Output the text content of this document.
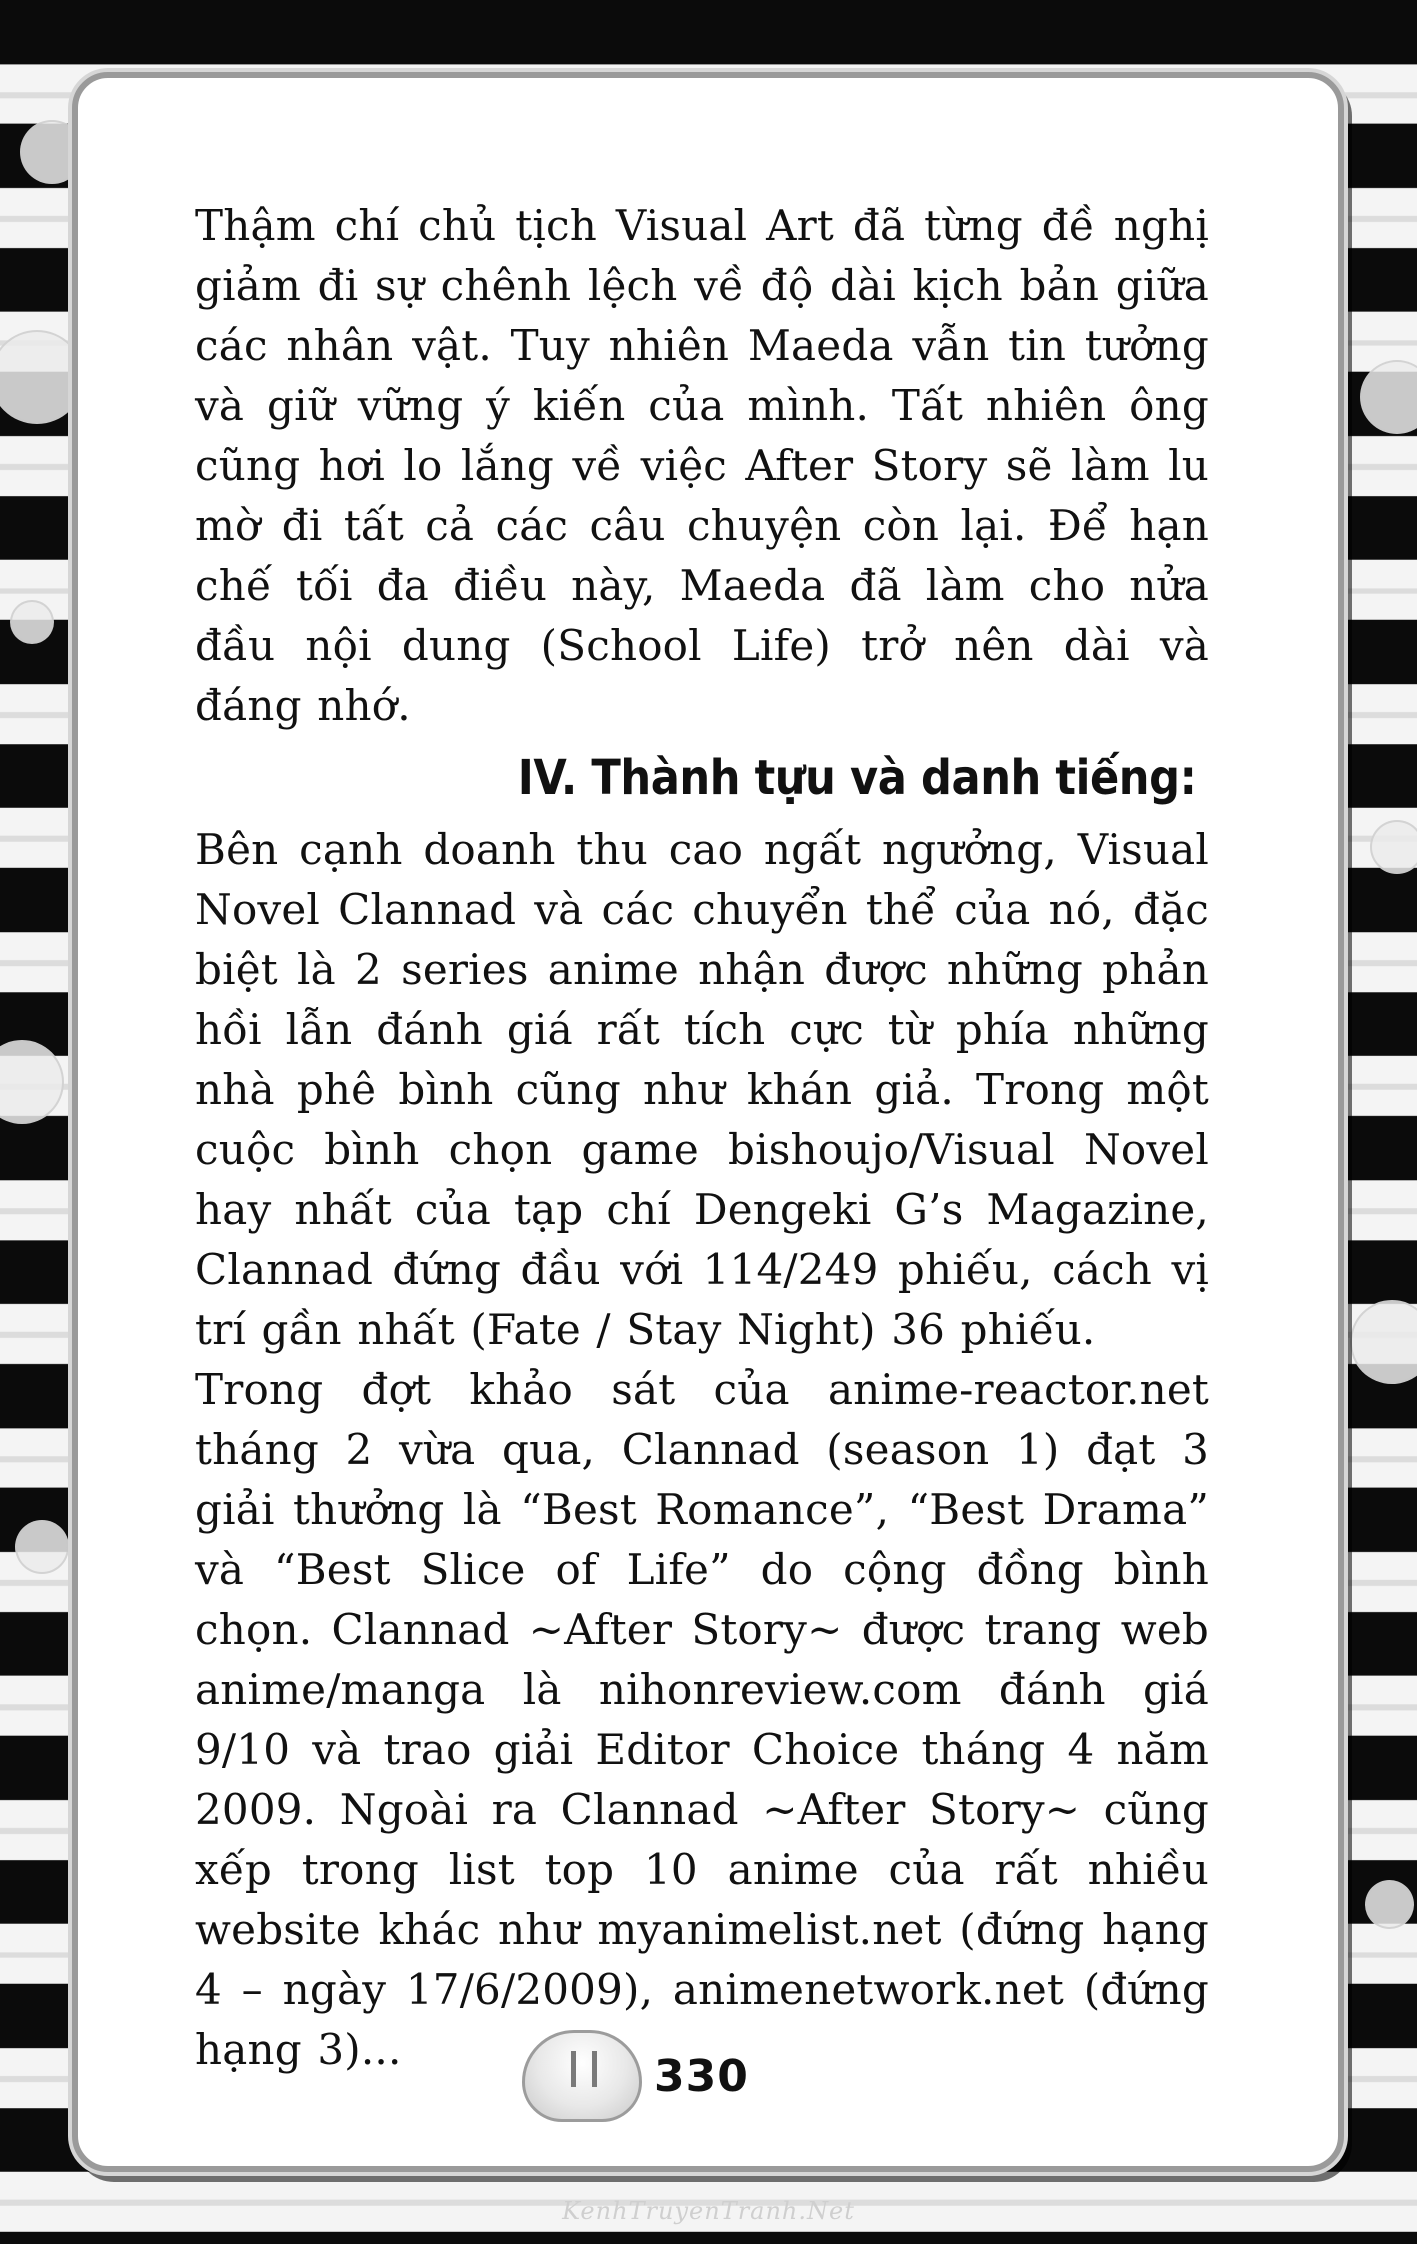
Thậm chí chủ tịch Visual Art đã từng đề nghị giảm đi sự chênh lệch về độ dài kịch bản giữa các nhân vật. Tuy nhiên Maeda vẫn tin tưởng và giữ vững ý kiến của mình. Tất nhiên ông cũng hơi lo lắng về việc After Story sẽ làm lu mờ đi tất cả các câu chuyện còn lại. Để hạn chế tối đa điều này, Maeda đã làm cho nửa đầu nội dung (School Life) trở nên dài và đáng nhớ.

IV. Thành tựu và danh tiếng:

Bên cạnh doanh thu cao ngất ngưởng, Visual Novel Clannad và các chuyển thể của nó, đặc biệt là 2 series anime nhận được những phản hồi lẫn đánh giá rất tích cực từ phía những nhà phê bình cũng như khán giả. Trong một cuộc bình chọn game bishoujo/Visual Novel hay nhất của tạp chí Dengeki G’s Magazine, Clannad đứng đầu với 114/249 phiếu, cách vị trí gần nhất (Fate / Stay Night) 36 phiếu.

Trong đợt khảo sát của anime-reactor.net tháng 2 vừa qua, Clannad (season 1) đạt 3 giải thưởng là “Best Romance”, “Best Drama” và “Best Slice of Life” do cộng đồng bình chọn. Clannad ~After Story~ được trang web anime/manga là nihonreview.com đánh giá 9/10 và trao giải Editor Choice tháng 4 năm 2009. Ngoài ra Clannad ~After Story~ cũng xếp trong list top 10 anime của rất nhiều website khác như myanimelist.net (đứng hạng 4 – ngày 17/6/2009), animenetwork.net (đứng hạng 3)...

330
KenhTruyenTranh.Net
